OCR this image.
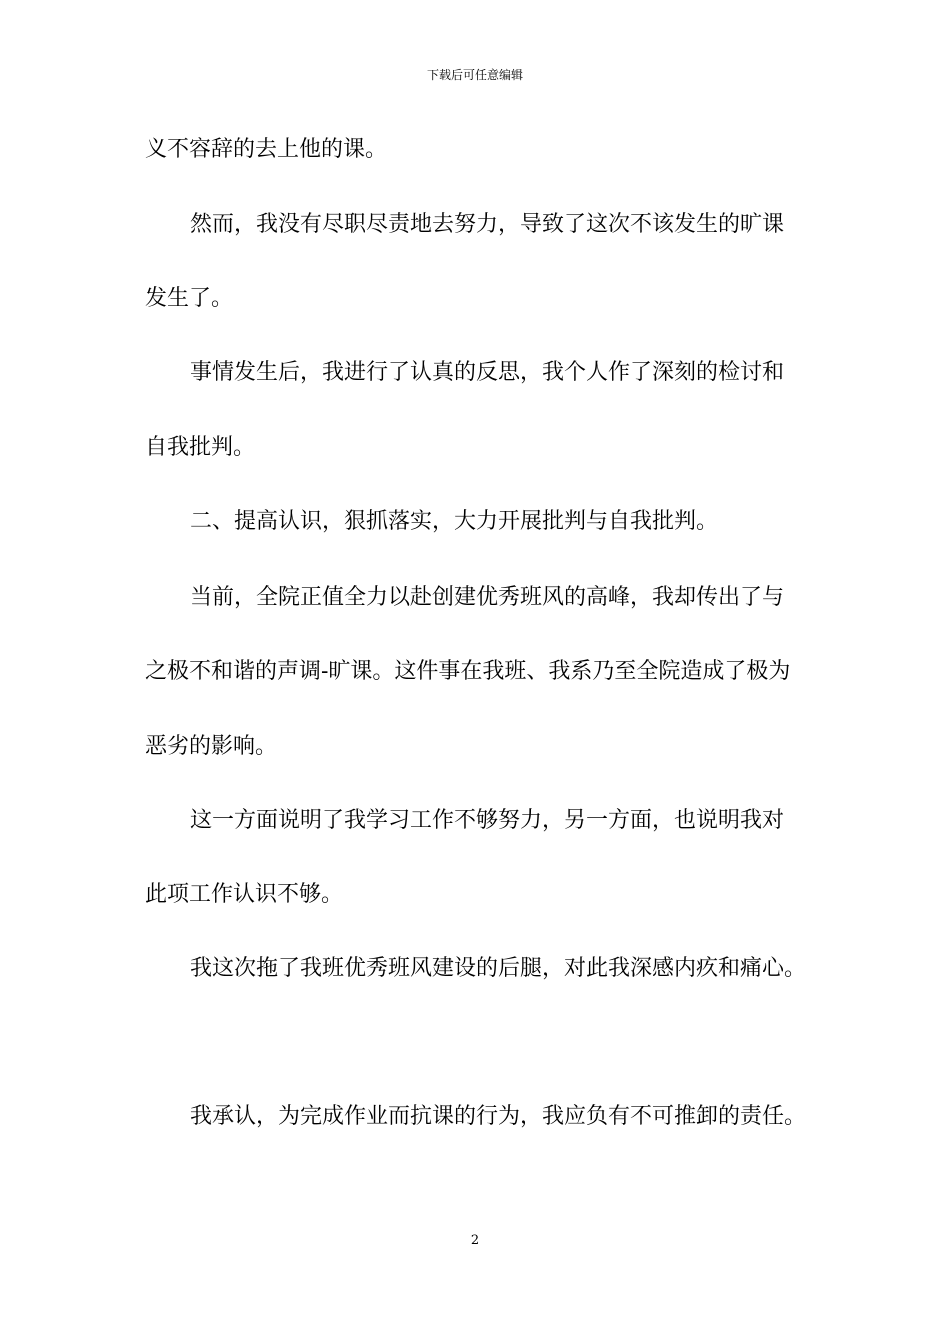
下载后可任意编辑
义不容辞的去上他的课。
然而，我没有尽职尽责地去努力，导致了这次不该发生的旷课
发生了。
事情发生后，我进行了认真的反思，我个人作了深刻的检讨和
自我批判。
二、提高认识，狠抓落实，大力开展批判与自我批判。
当前，全院正值全力以赴创建优秀班风的高峰，我却传出了与
之极不和谐的声调-旷课。这件事在我班、我系乃至全院造成了极为
恶劣的影响。
这一方面说明了我学习工作不够努力，另一方面，也说明我对
此项工作认识不够。
我这次拖了我班优秀班风建设的后腿，对此我深感内疚和痛心。
我承认，为完成作业而抗课的行为，我应负有不可推卸的责任。
2
